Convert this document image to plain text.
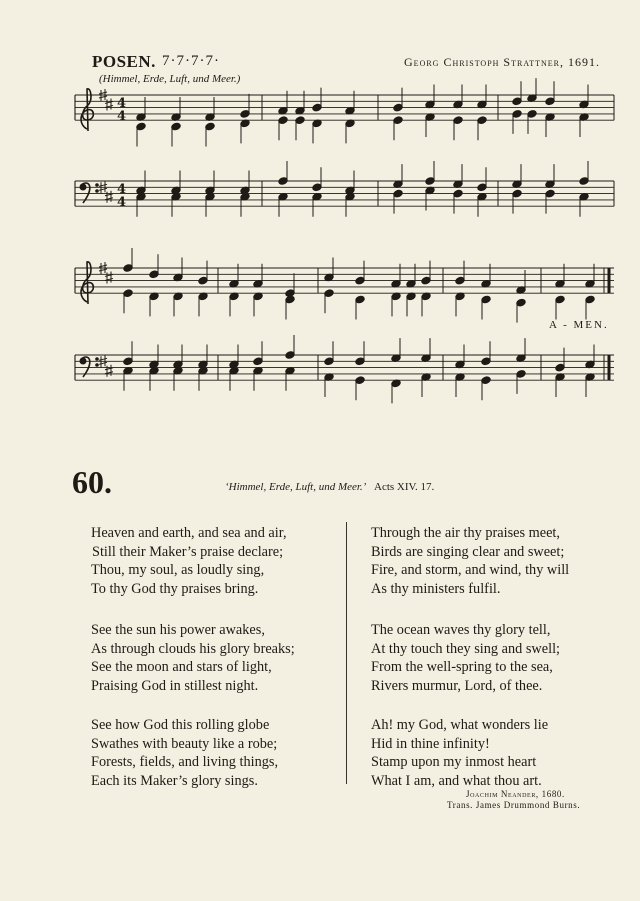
POSEN. 7·7·7·7·	Georg Christoph Strattner, 1691.
(Himmel, Erde, Luft, und Meer.)
4
4
4
4
A - MEN.
60.	‘Himmel, Erde, Luft, und Meer.’ Acts XIV. 17.
Heaven and earth, and sea and air,
Still their Maker’s praise declare;
Thou, my soul, as loudly sing,
To thy God thy praises bring.
See the sun his power awakes,
As through clouds his glory breaks;
See the moon and stars of light,
Praising God in stillest night.
See how God this rolling globe
Swathes with beauty like a robe;
Forests, fields, and living things,
Each its Maker’s glory sings.
Through the air thy praises meet,
Birds are singing clear and sweet;
Fire, and storm, and wind, thy will
As thy ministers fulfil.
The ocean waves thy glory tell,
At thy touch they sing and swell;
From the well-spring to the sea,
Rivers murmur, Lord, of thee.
Ah! my God, what wonders lie
Hid in thine infinity!
Stamp upon my inmost heart
What I am, and what thou art.
Joachim Neander, 1680.
Trans. James Drummond Burns.
